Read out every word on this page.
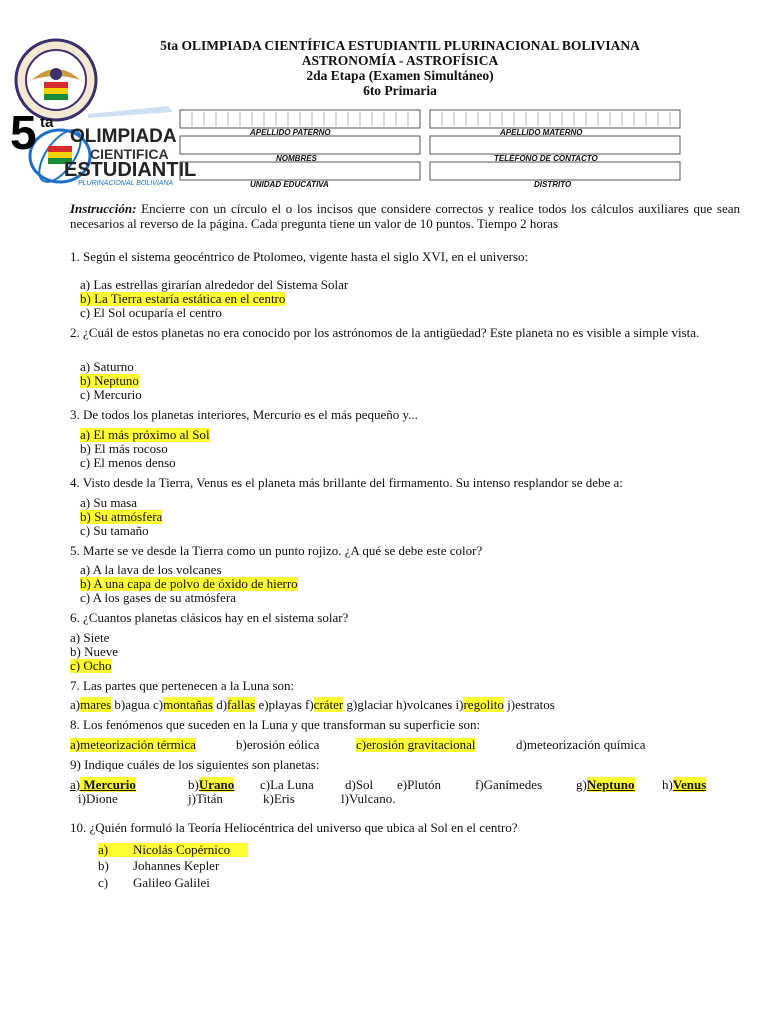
5ta OLIMPIADA CIENTÍFICA ESTUDIANTIL PLURINACIONAL BOLIVIANA
ASTRONOMÍA - ASTROFÍSICA
2da Etapa (Examen Simultáneo)
6to Primaria
5 ta
OLIMPIADA
CIENTIFICA
ESTUDIANTIL
PLURINACIONAL BOLIVIANA
APELLIDO PATERNO	APELLIDO MATERNO
NOMBRES	TELÉFONO DE CONTACTO
UNIDAD EDUCATIVA	DISTRITO
Instrucción: Encierre con un círculo el o los incisos que considere correctos y realice todos los cálculos auxiliares que sean necesarios al reverso de la página. Cada pregunta tiene un valor de 10 puntos. Tiempo 2 horas
1. Según el sistema geocéntrico de Ptolomeo, vigente hasta el siglo XVI, en el universo:
a) Las estrellas girarían alrededor del Sistema Solar
b) La Tierra estaría estática en el centro
c) El Sol ocuparía el centro
2. ¿Cuál de estos planetas no era conocido por los astrónomos de la antigüedad? Este planeta no es visible a simple vista.
a) Saturno
b) Neptuno
c) Mercurio
3. De todos los planetas interiores, Mercurio es el más pequeño y...
a) El más próximo al Sol
b) El más rocoso
c) El menos denso
4. Visto desde la Tierra, Venus es el planeta más brillante del firmamento. Su intenso resplandor se debe a:
a) Su masa
b) Su atmósfera
c) Su tamaño
5. Marte se ve desde la Tierra como un punto rojizo. ¿A qué se debe este color?
a) A la lava de los volcanes
b) A una capa de polvo de óxido de hierro
c) A los gases de su atmósfera
6. ¿Cuantos planetas clásicos hay en el sistema solar?
a) Siete
b) Nueve
c) Ocho
7. Las partes que pertenecen a la Luna son:
a)mares b)agua c)montañas d)fallas e)playas f)cráter g)glaciar h)volcanes i)regolito j)estratos
8. Los fenómenos que suceden en la Luna y que transforman su superficie son:
a)meteorización térmica	b)erosión eólica	c)erosión gravitacional	d)meteorización química
9) Indique cuáles de los siguientes son planetas:
a) Mercurio	b)Urano c)La Luna d)Sol e)Plutón	f)Ganímedes	g)Neptuno h)Venus
i)Dione	j)Titán	k)Eris	l)Vulcano.
10. ¿Quién formuló la Teoría Heliocéntrica del universo que ubica al Sol en el centro?
a) Nicolás Copérnico
b) Johannes Kepler
c) Galileo Galilei
